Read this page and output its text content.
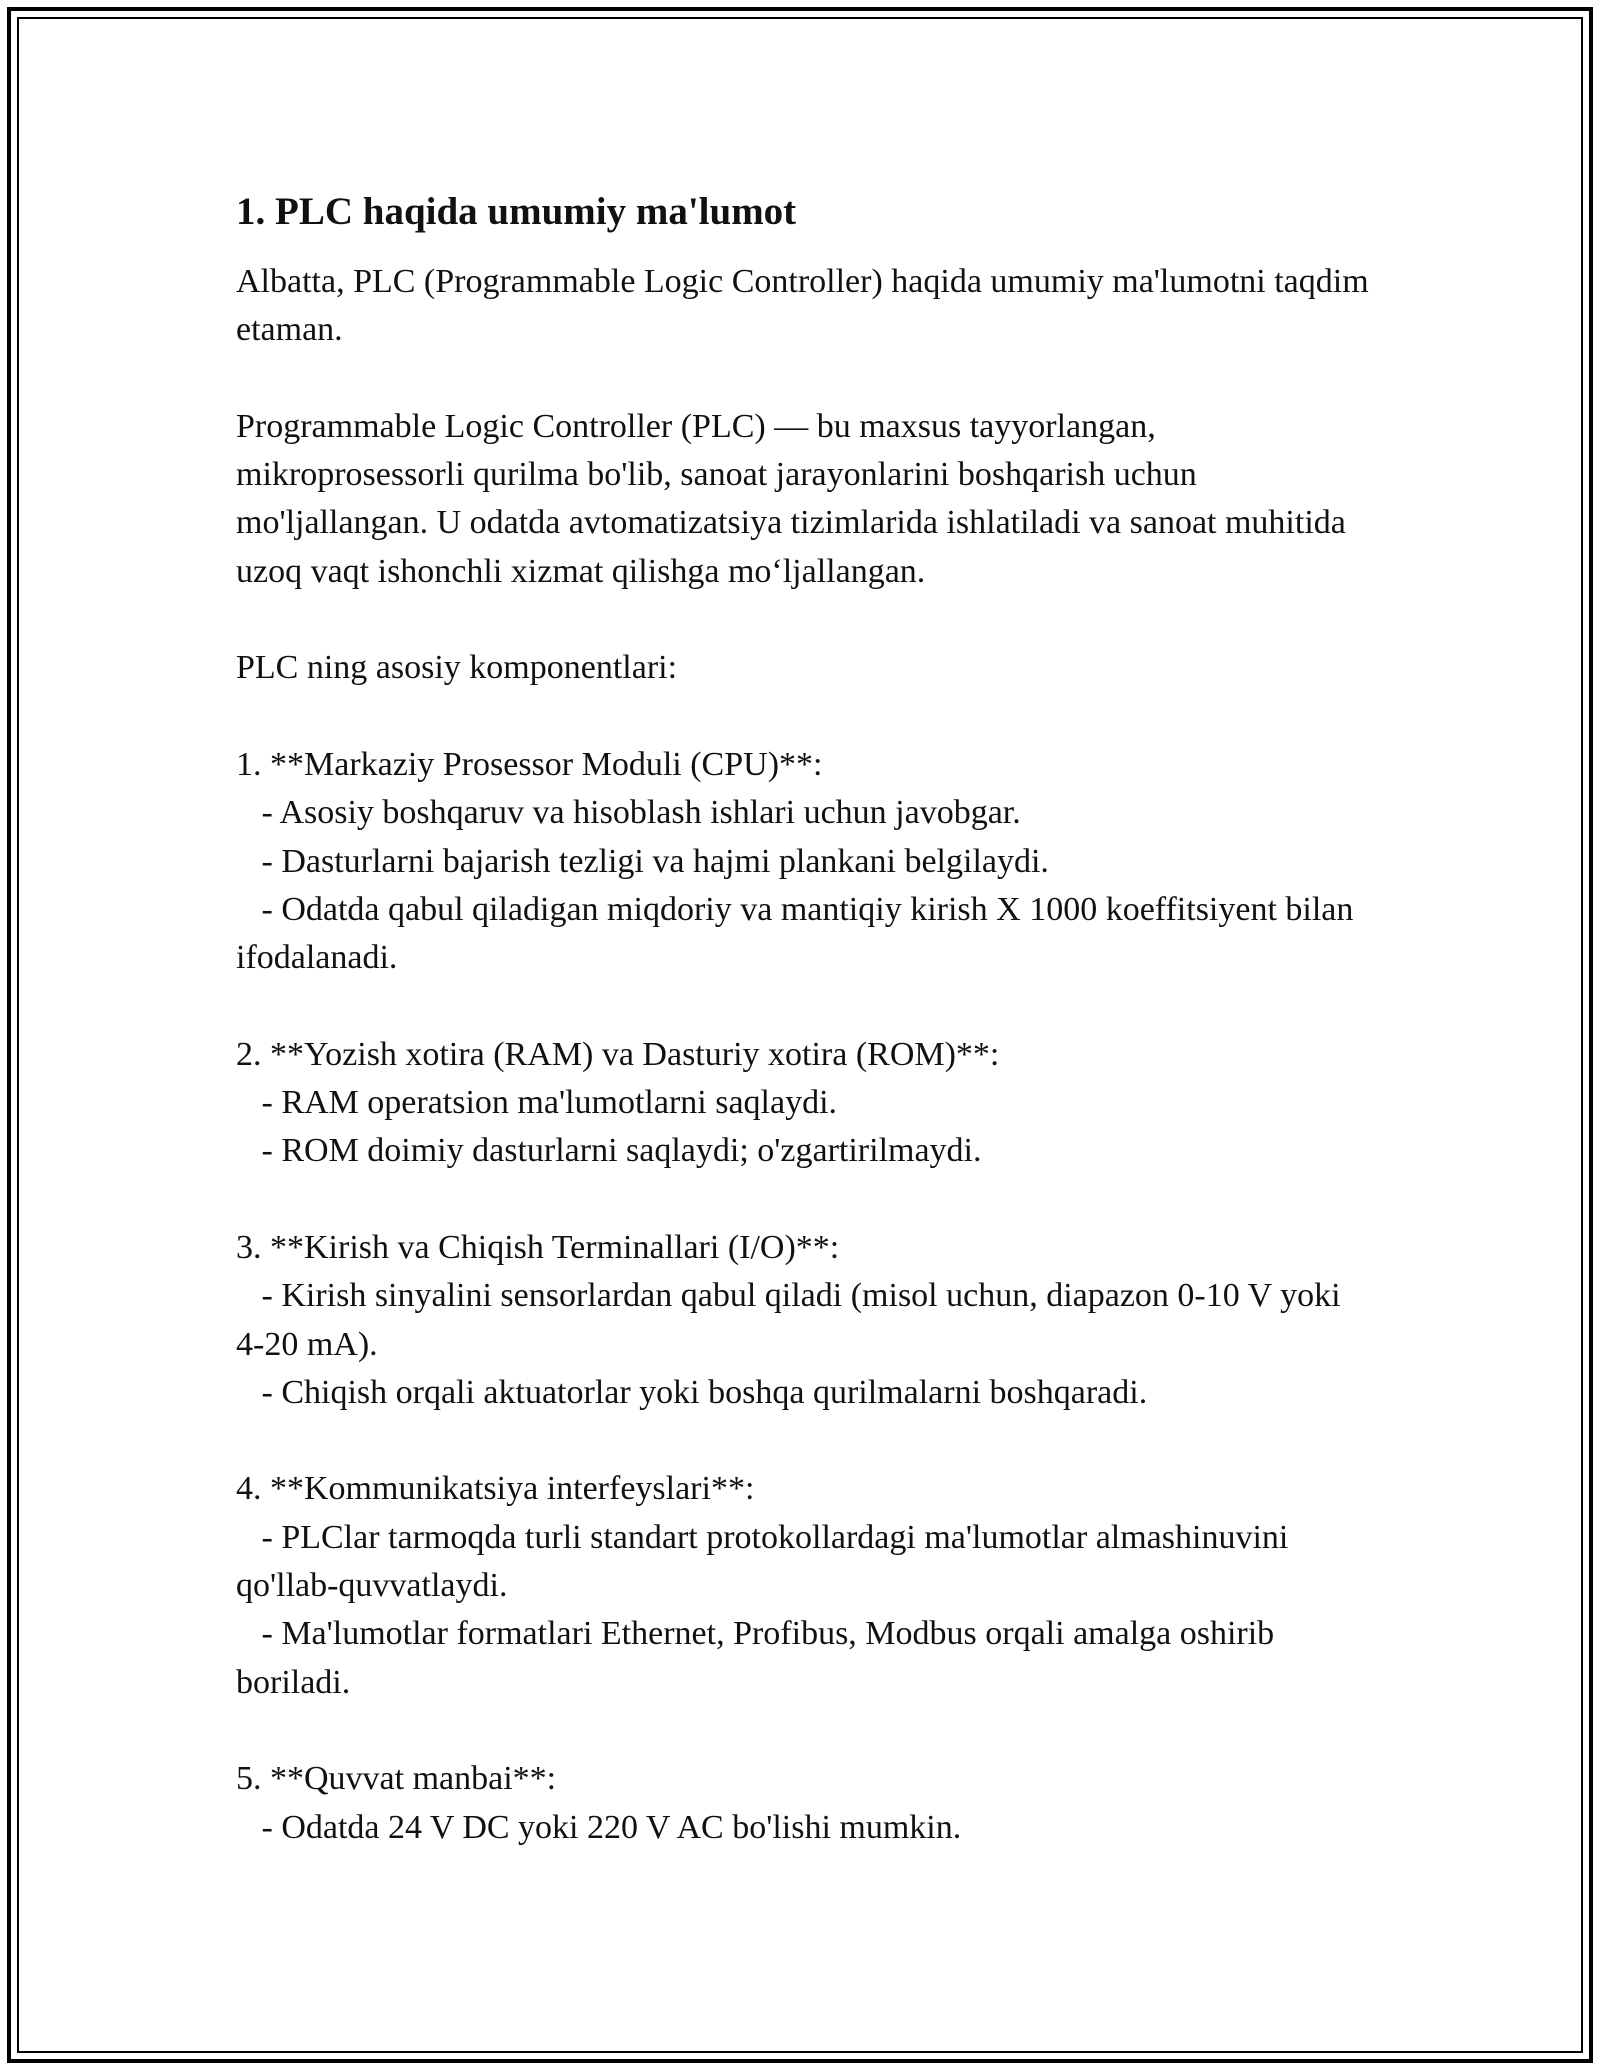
1. PLC haqida umumiy ma'lumot

Albatta, PLC (Programmable Logic Controller) haqida umumiy ma'lumotni taqdim etaman.

Programmable Logic Controller (PLC) — bu maxsus tayyorlangan, mikroprosessorli qurilma bo'lib, sanoat jarayonlarini boshqarish uchun mo'ljallangan. U odatda avtomatizatsiya tizimlarida ishlatiladi va sanoat muhitida uzoq vaqt ishonchli xizmat qilishga mo‘ljallangan.

PLC ning asosiy komponentlari:

1. **Markaziy Prosessor Moduli (CPU)**:

- Asosiy boshqaruv va hisoblash ishlari uchun javobgar.

- Dasturlarni bajarish tezligi va hajmi plankani belgilaydi.

- Odatda qabul qiladigan miqdoriy va mantiqiy kirish X 1000 koeffitsiyent bilan ifodalanadi.

2. **Yozish xotira (RAM) va Dasturiy xotira (ROM)**:

- RAM operatsion ma'lumotlarni saqlaydi.

- ROM doimiy dasturlarni saqlaydi; o'zgartirilmaydi.

3. **Kirish va Chiqish Terminallari (I/O)**:

- Kirish sinyalini sensorlardan qabul qiladi (misol uchun, diapazon 0-10 V yoki 4-20 mA).

- Chiqish orqali aktuatorlar yoki boshqa qurilmalarni boshqaradi.

4. **Kommunikatsiya interfeyslari**:

- PLClar tarmoqda turli standart protokollardagi ma'lumotlar almashinuvini qo'llab-quvvatlaydi.

- Ma'lumotlar formatlari Ethernet, Profibus, Modbus orqali amalga oshirib boriladi.

5. **Quvvat manbai**:

- Odatda 24 V DC yoki 220 V AC bo'lishi mumkin.
